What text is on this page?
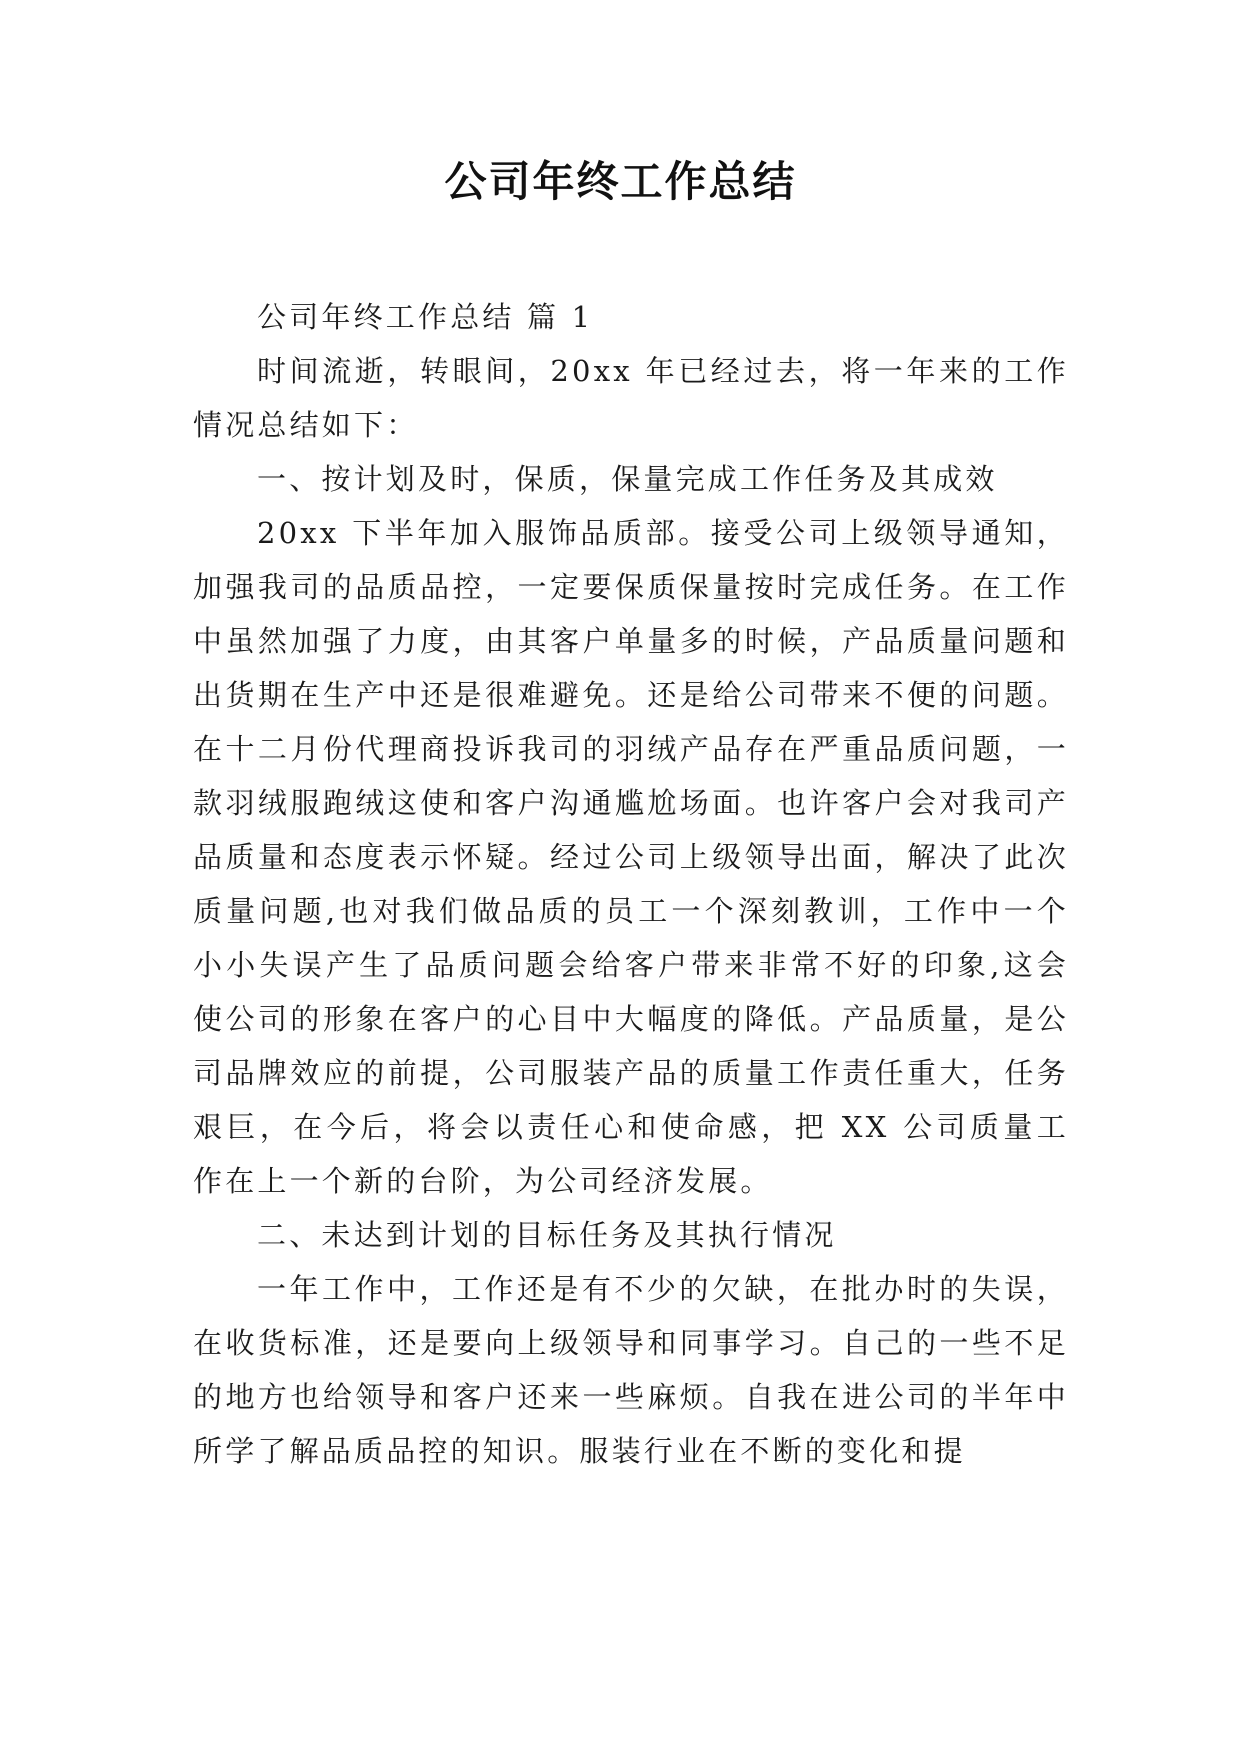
公司年终工作总结

公司年终工作总结 篇 1

时间流逝，转眼间，20xx 年已经过去，将一年来的工作情况总结如下：

一、按计划及时，保质，保量完成工作任务及其成效

20xx 下半年加入服饰品质部。接受公司上级领导通知，加强我司的品质品控，一定要保质保量按时完成任务。在工作中虽然加强了力度，由其客户单量多的时候，产品质量问题和出货期在生产中还是很难避免。还是给公司带来不便的问题。在十二月份代理商投诉我司的羽绒产品存在严重品质问题，一款羽绒服跑绒这使和客户沟通尴尬场面。也许客户会对我司产品质量和态度表示怀疑。经过公司上级领导出面，解决了此次质量问题,也对我们做品质的员工一个深刻教训，工作中一个小小失误产生了品质问题会给客户带来非常不好的印象,这会使公司的形象在客户的心目中大幅度的降低。产品质量，是公司品牌效应的前提，公司服装产品的质量工作责任重大，任务艰巨，在今后，将会以责任心和使命感，把 XX 公司质量工作在上一个新的台阶，为公司经济发展。

二、未达到计划的目标任务及其执行情况

一年工作中，工作还是有不少的欠缺，在批办时的失误，在收货标准，还是要向上级领导和同事学习。自己的一些不足的地方也给领导和客户还来一些麻烦。自我在进公司的半年中所学了解品质品控的知识。服装行业在不断的变化和提
